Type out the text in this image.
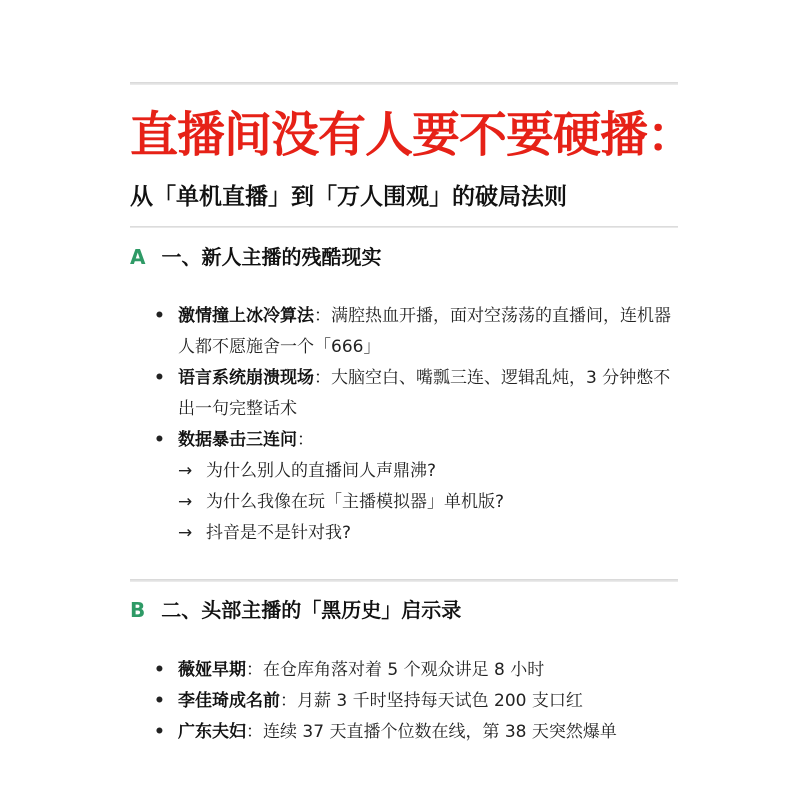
直播间没有人要不要硬播：
从「单机直播」到「万人围观」的破局法则
A 一、新人主播的残酷现实
• 激情撞上冰冷算法：满腔热血开播，面对空荡荡的直播间，连机器人都不愿施舍一个「666」
• 语言系统崩溃现场：大脑空白、嘴瓢三连、逻辑乱炖，3 分钟憋不出一句完整话术
• 数据暴击三连问：
→ 为什么别人的直播间人声鼎沸?
→ 为什么我像在玩「主播模拟器」单机版?
→ 抖音是不是针对我?
B 二、头部主播的「黑历史」启示录
• 薇娅早期：在仓库角落对着 5 个观众讲足 8 小时
• 李佳琦成名前：月薪 3 千时坚持每天试色 200 支口红
• 广东夫妇：连续 37 天直播个位数在线，第 38 天突然爆单
